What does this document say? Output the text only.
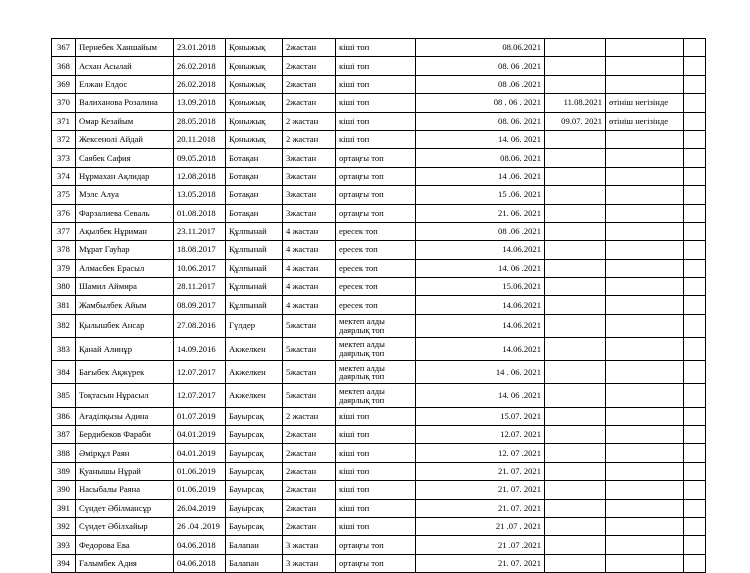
367	Пернебек Ханшайым	23.01.2018	Қоныжық	2жастан	кіші топ	08.06.2021			
368	Асхан Асылай	26.02.2018	Қоныжық	2жастан	кіші топ	08. 06 .2021			
369	Елжан Елдос	26.02.2018	Қоныжық	2жастан	кіші топ	08 .06 .2021			
370	Валиханова Розалина	13.09.2018	Қоныжық	2жастан	кіші топ	08 . 06 . 2021	11.08.2021	өтініш негізінде	
371	Омар Кезайым	28.05.2018	Қоныжық	2 жастан	кіші топ	08. 06. 2021	09.07. 2021	өтініш негізінде	
372	Жексенолі Айдай	20.11.2018	Қоныжық	2 жастан	кіші топ	14. 06. 2021			
373	Саябек Сафия	09.05.2018	Ботақан	3жастан	ортаңғы топ	08.06. 2021			
374	Нұрмахан Ақлидар	12.08.2018	Ботақан	3жастан	ортаңғы топ	14 .06. 2021			
375	Мэлс Алуа	13.05.2018	Ботақан	3жастан	ортаңғы топ	15 .06. 2021			
376	Фарзалиева Севаль	01.08.2018	Ботақан	3жастан	ортаңғы топ	21. 06. 2021			
377	Ақылбек Нұриман	23.11.2017	Құлпынай	4 жастан	ересек топ	08 .06 .2021			
378	Мұрат Гауһар	18.08.2017	Құлпынай	4 жастан	ересек топ	14.06.2021			
379	Алмасбек Ерасыл	10.06.2017	Құлпынай	4 жастан	ересек топ	14. 06 .2021			
380	Шамил Аймира	28.11.2017	Құлпынай	4 жастан	ересек топ	15.06.2021			
381	Жамбылбек Айым	08.09.2017	Құлпынай	4 жастан	ересек топ	14.06.2021			
382	Қылышбек Ансар	27.08.2016	Гүлдер	5жастан	мектеп алды даярлық топ	14.06.2021			
383	Қанай Алинұр	14.09.2016	Акжелкен	5жастан	мектеп алды даярлық топ	14.06.2021			
384	Бағыбек Ақжүрек	12.07.2017	Акжелкен	5жастан	мектеп алды даярлық топ	14 . 06. 2021			
385	Тоқтасын Нұрасыл	12.07.2017	Акжелкен	5жастан	мектеп алды даярлық топ	14. 06 .2021			
386	Ағаділқызы Адина	01.07.2019	Бауырсақ	2 жастан	кіші топ	15.07. 2021			
387	Бердибеков Фараби	04.01.2019	Бауырсақ	2жастан	кіші топ	12.07. 2021			
388	Әмірқұл Раян	04.01.2019	Бауырсақ	2жастан	кіші топ	12. 07 .2021			
389	Қуанышы Нұрай	01.06.2019	Бауырсақ	2жастан	кіші топ	21. 07. 2021			
390	Насыбалы Раяна	01.06.2019	Бауырсақ	2жастан	кіші топ	21. 07. 2021			
391	Сүндет Әбілмансұр	26.04.2019	Бауырсақ	2жастан	кіші топ	21. 07. 2021			
392	Сүндет Әбілхайыр	26 .04 .2019	Бауырсақ	2жастан	кіші топ	21 .07 . 2021			
393	Федорова Ева	04.06.2018	Балапан	3 жастан	ортаңғы топ	21 .07 .2021			
394	Ғалымбек Адия	04.06.2018	Балапан	3 жастан	ортаңғы топ	21. 07. 2021			
